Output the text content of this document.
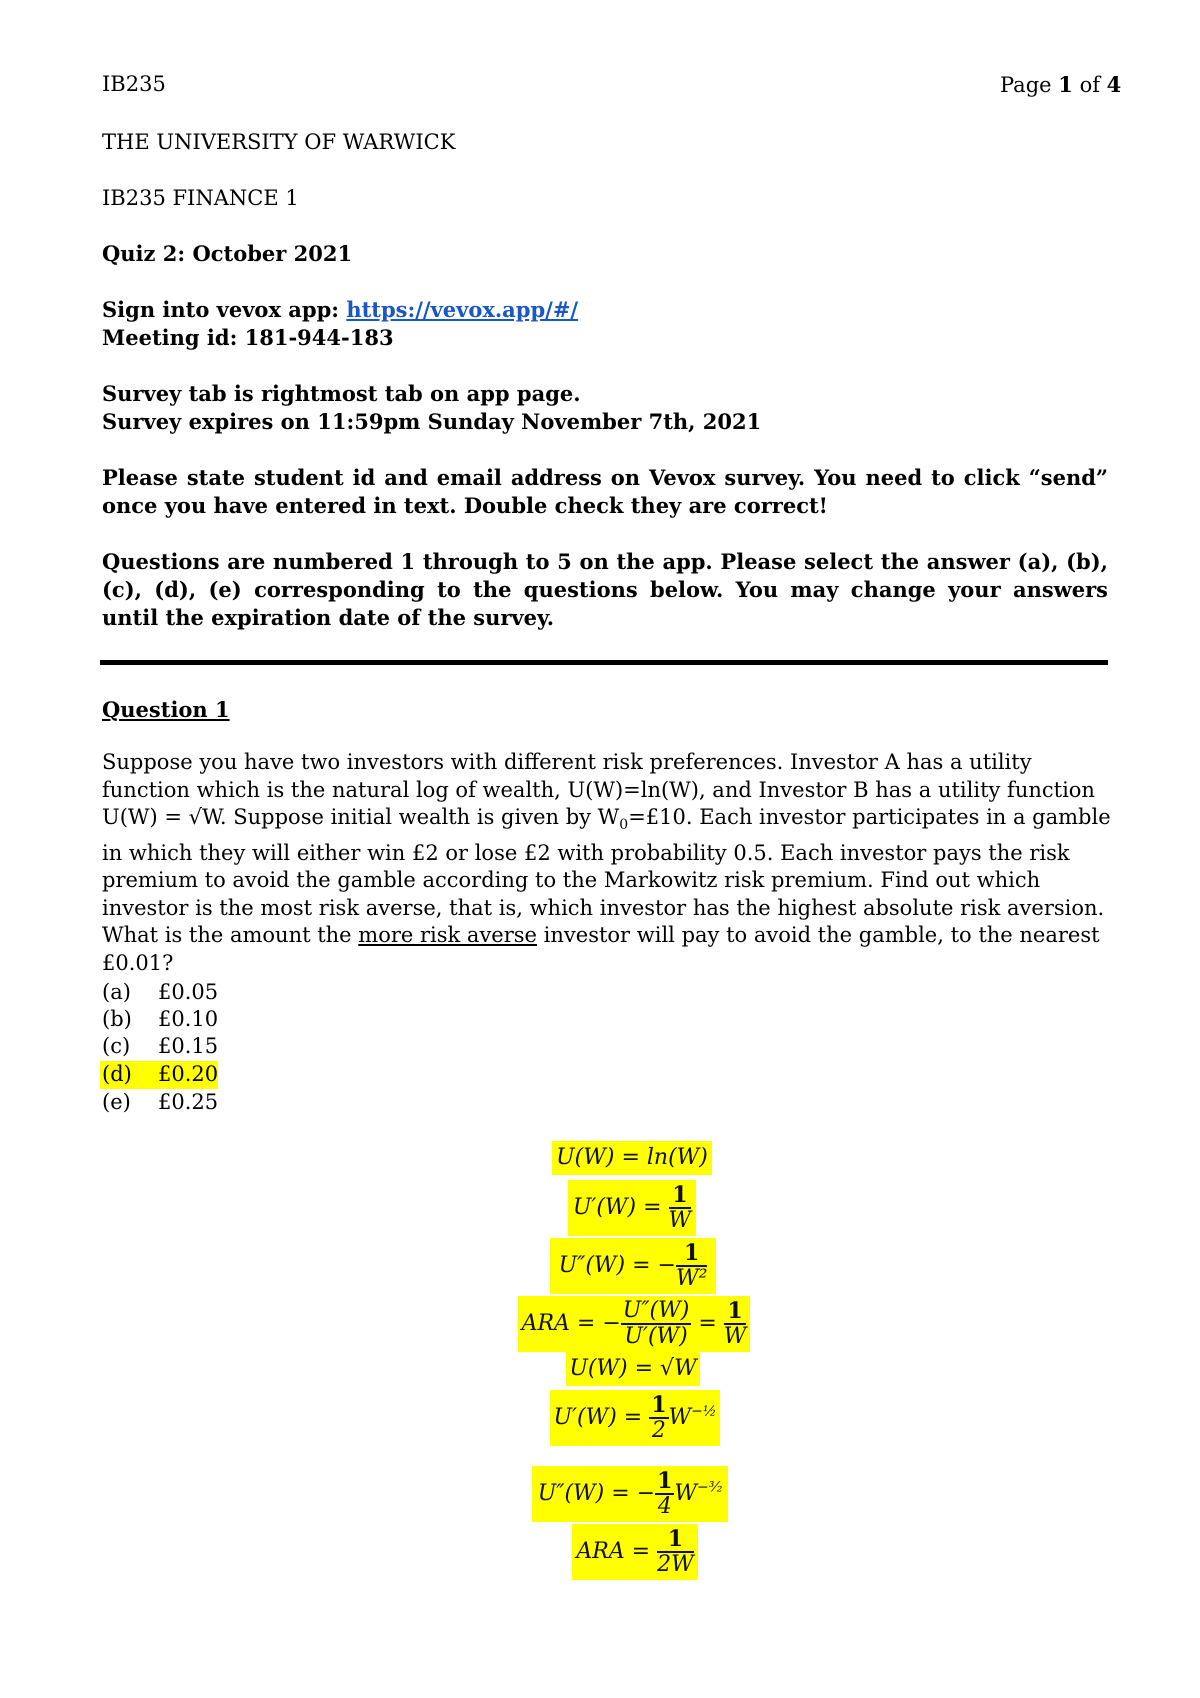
IB235	Page 1 of 4
THE UNIVERSITY OF WARWICK
IB235 FINANCE 1
Quiz 2: October 2021
Sign into vevox app: https://vevox.app/#/
Meeting id: 181-944-183
Survey tab is rightmost tab on app page.
Survey expires on 11:59pm Sunday November 7th, 2021
Please state student id and email address on Vevox survey. You need to click “send” once you have entered in text. Double check they are correct!
Questions are numbered 1 through to 5 on the app. Please select the answer (a), (b), (c), (d), (e) corresponding to the questions below. You may change your answers until the expiration date of the survey.
Question 1
Suppose you have two investors with different risk preferences. Investor A has a utility function which is the natural log of wealth, U(W)=ln(W), and Investor B has a utility function U(W) = √W. Suppose initial wealth is given by $W_0=£10$. Each investor participates in a gamble in which they will either win £2 or lose £2 with probability 0.5. Each investor pays the risk premium to avoid the gamble according to the Markowitz risk premium. Find out which investor is the most risk averse, that is, which investor has the highest absolute risk aversion. What is the amount the more risk averse investor will pay to avoid the gamble, to the nearest £0.01?
(a)	£0.05
(b)	£0.10
(c)	£0.15
(d)	£0.20
(e)	£0.25
U(W) = ln(W)
$U'(W) = \frac{1}{W}$
U″(W) = − $\frac{1}{\text{W²}}$
ARA = − $\frac{U''(W)}{U'(W)} = \frac{1}{W}$
U(W) = √W
$U'(W) = \frac{1}{2} W^{-\frac{1}{2}}$
U″(W) = − $\frac{1}{4} W^{-^3⁄_2}$
ARA = $\frac{1}{2W}$
